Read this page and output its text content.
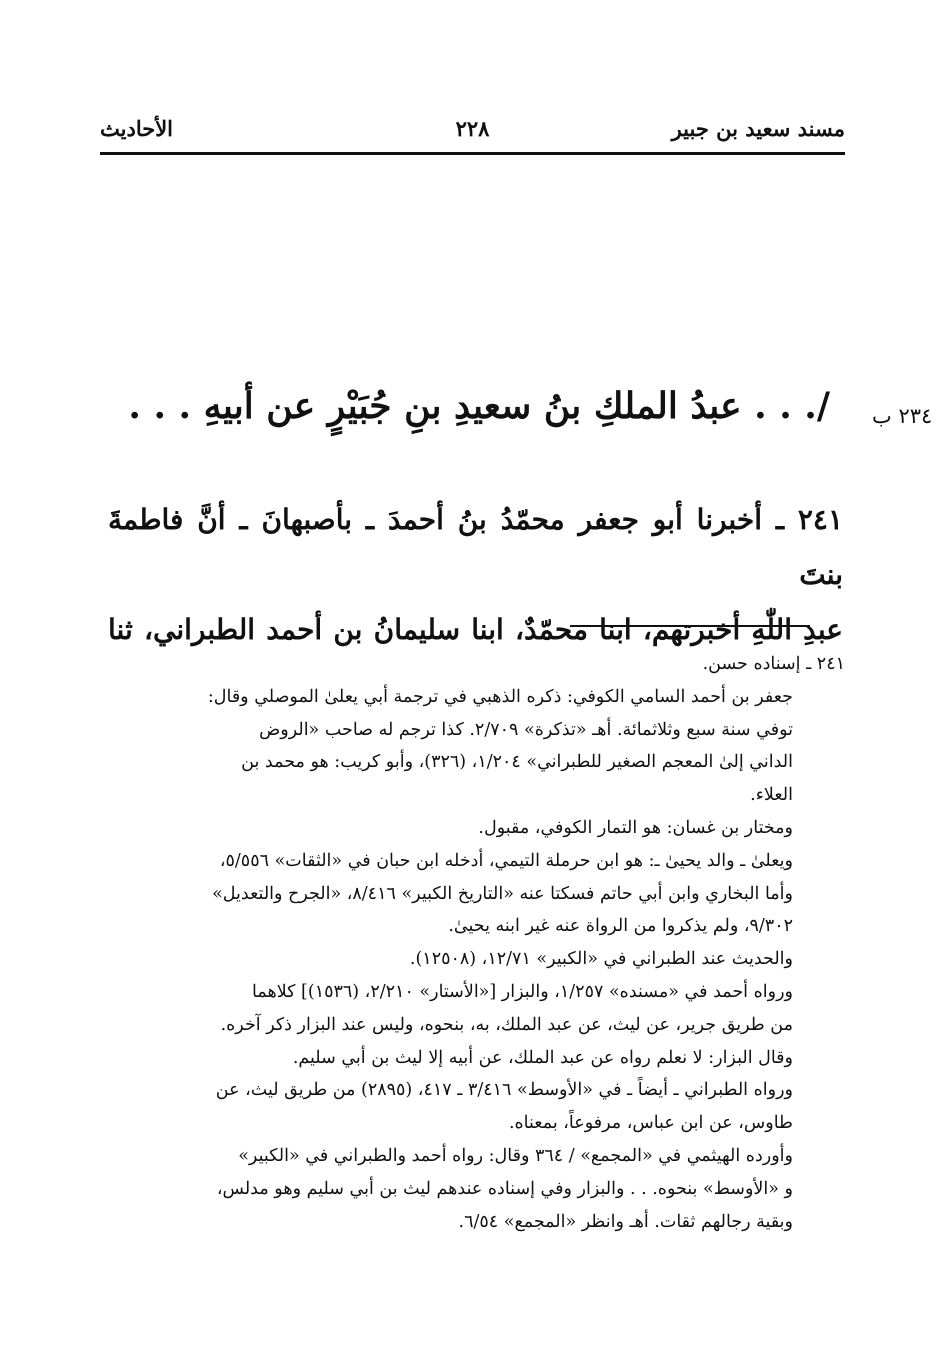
مسند سعيد بن جبير
٢٢٨
الأحاديث
٢٣٤ ب
/. . . عبدُ الملكِ بنُ سعيدِ بنِ جُبَيْرٍ عن أبيهِ . . .
٢٤١ ـ أخبرنا أبو جعفر محمّدُ بنُ أحمدَ ـ بأصبهانَ ـ أنَّ فاطمةَ بنتَ
عبدِ اللّٰهِ أخبرتهم، ابنا محمّدٌ، ابنا سليمانُ بن أحمد الطبراني، ثنا
٢٤١ ـ إسناده حسن.
جعفر بن أحمد السامي الكوفي: ذكره الذهبي في ترجمة أبي يعلىٰ الموصلي وقال:
توفي سنة سبع وثلاثمائة. أهـ «تذكرة» ٢/٧٠٩. كذا ترجم له صاحب «الروض
الداني إلىٰ المعجم الصغير للطبراني» ١/٢٠٤، (٣٢٦)، وأبو كريب: هو محمد بن
العلاء.
ومختار بن غسان: هو التمار الكوفي، مقبول.
ويعلىٰ ـ والد يحيىٰ ـ: هو ابن حرملة التيمي، أدخله ابن حبان في «الثقات» ٥/٥٥٦،
وأما البخاري وابن أبي حاتم فسكتا عنه «التاريخ الكبير» ٨/٤١٦، «الجرح والتعديل»
٩/٣٠٢، ولم يذكروا من الرواة عنه غير ابنه يحيىٰ.
والحديث عند الطبراني في «الكبير» ١٢/٧١، (١٢٥٠٨).
ورواه أحمد في «مسنده» ١/٢٥٧، والبزار [«الأستار» ٢/٢١٠، (١٥٣٦)] كلاهما
من طريق جرير، عن ليث، عن عبد الملك، به، بنحوه، وليس عند البزار ذكر آخره.
وقال البزار: لا نعلم رواه عن عبد الملك، عن أبيه إلا ليث بن أبي سليم.
ورواه الطبراني ـ أيضاً ـ في «الأوسط» ٣/٤١٦ ـ ٤١٧، (٢٨٩٥) من طريق ليث، عن
طاوس، عن ابن عباس، مرفوعاً، بمعناه.
وأورده الهيثمي في «المجمع» / ٣٦٤ وقال: رواه أحمد والطبراني في «الكبير»
و «الأوسط» بنحوه. . . والبزار وفي إسناده عندهم ليث بن أبي سليم وهو مدلس،
وبقية رجالهم ثقات. أهـ وانظر «المجمع» ٦/٥٤.
